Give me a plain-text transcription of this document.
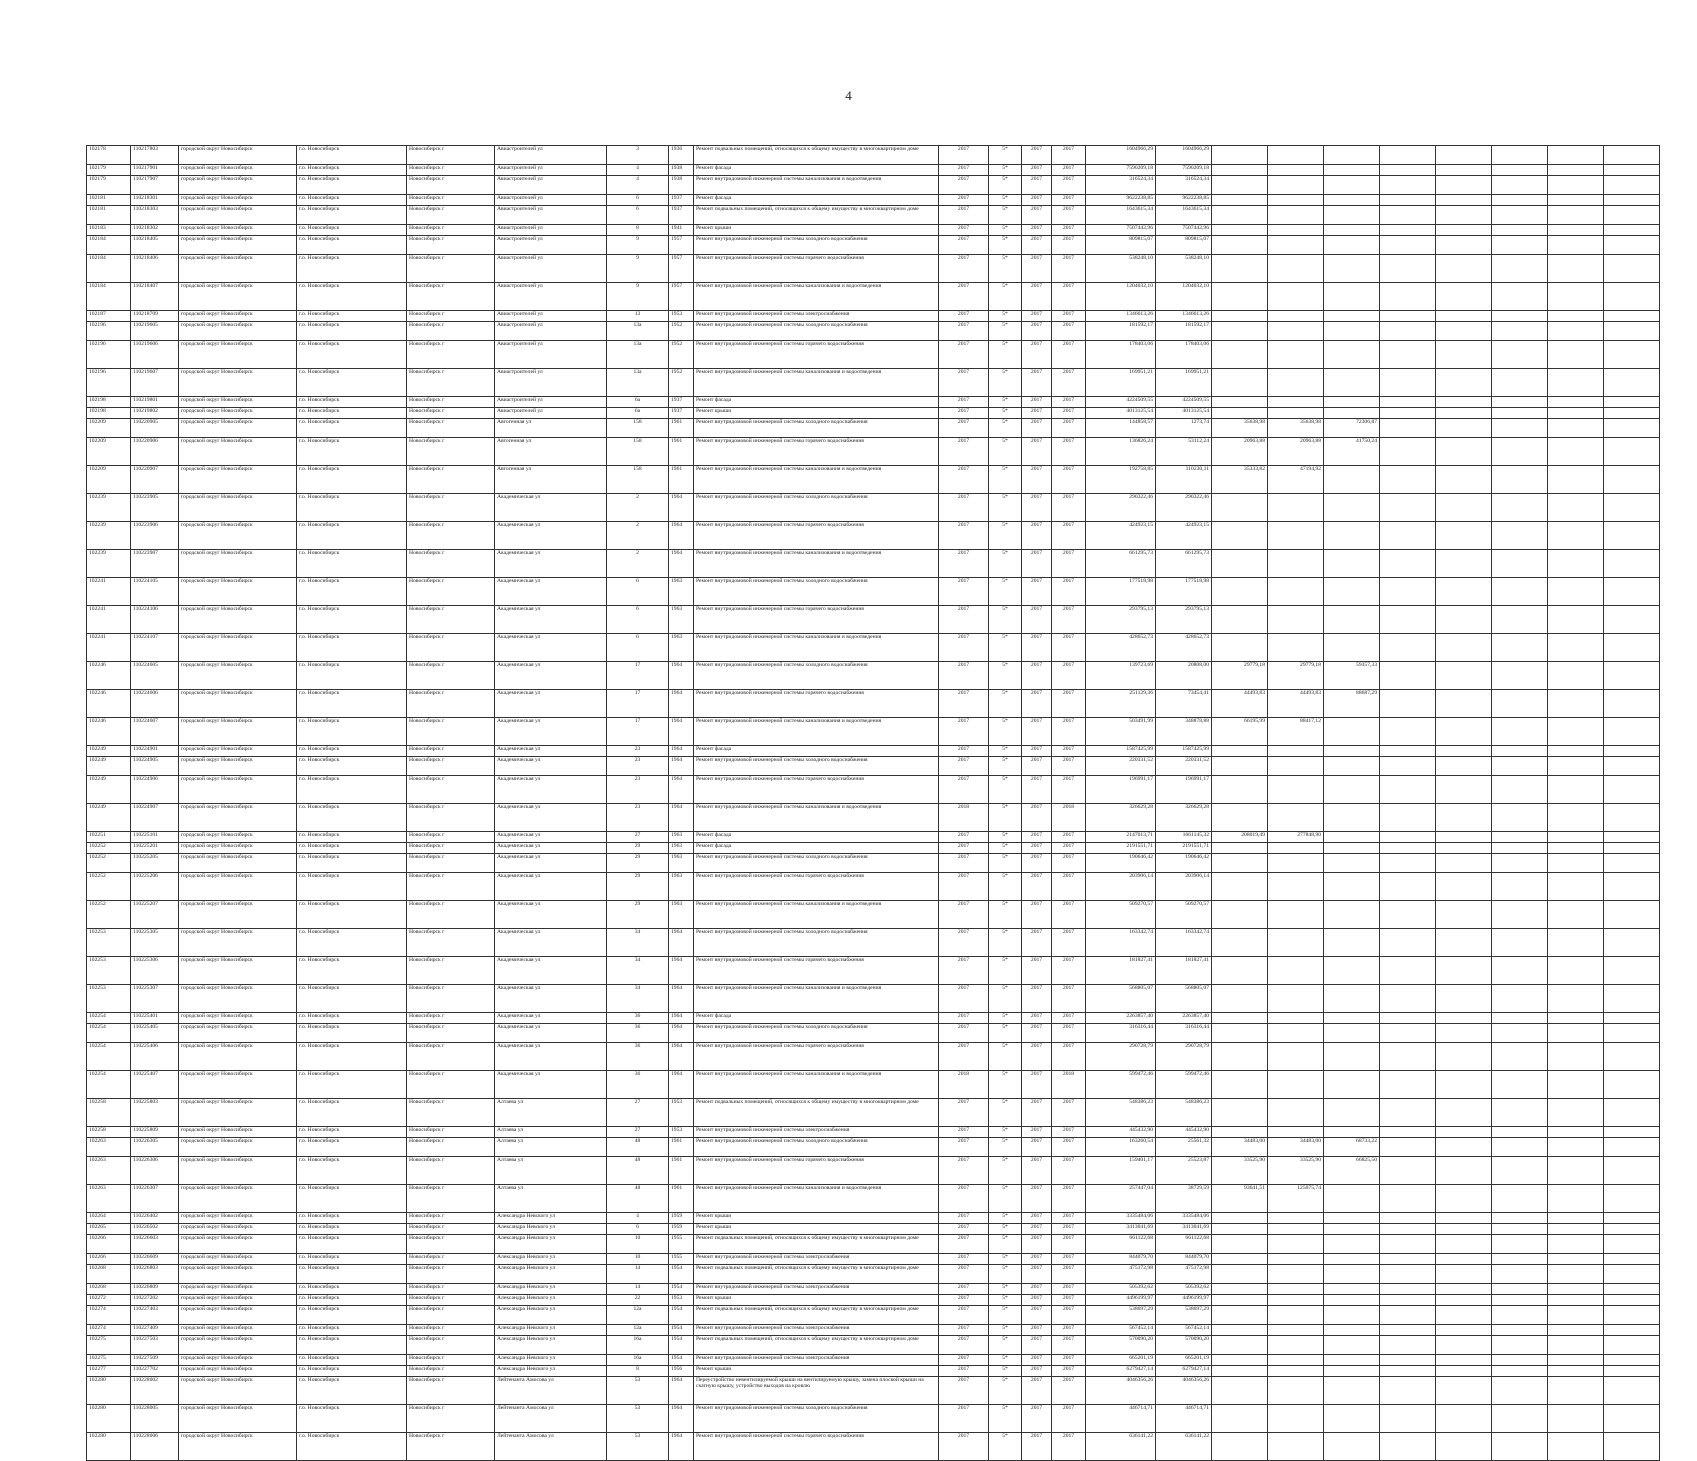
4
102178	110217803	городской округ Новосибирск	г.о. Новосибирск	Новосибирск г	Авиастроителей ул	3	1936	Ремонт подвальных помещений, относящихся к общему имуществу в многоквартирном доме	2017	5*	2017	2017	1604966,29	1604966,29								
102179	110217901	городской округ Новосибирск	г.о. Новосибирск	Новосибирск г	Авиастроителей ул	4	1938	Ремонт фасада	2017	5*	2017	2017	7590209,18	7590209,18								
102179	110217907	городской округ Новосибирск	г.о. Новосибирск	Новосибирск г	Авиастроителей ул	4	1938	Ремонт внутридомовой инженерной системы канализования и водоотведения	2017	5*	2017	2017	316524,34	316524,34								
102181	110218301	городской округ Новосибирск	г.о. Новосибирск	Новосибирск г	Авиастроителей ул	6	1937	Ремонт фасада	2017	5*	2017	2017	9622238,85	9622238,85								
102181	110218303	городской округ Новосибирск	г.о. Новосибирск	Новосибирск г	Авиастроителей ул	6	1937	Ремонт подвальных помещений, относящихся к общему имуществу в многоквартирном доме	2017	5*	2017	2017	1643615,34	1643615,34								
102183	110218302	городской округ Новосибирск	г.о. Новосибирск	Новосибирск г	Авиастроителей ул	8	1941	Ремонт крыши	2017	5*	2017	2017	7507442,96	7507442,96								
102184	110218405	городской округ Новосибирск	г.о. Новосибирск	Новосибирск г	Авиастроителей ул	9	1957	Ремонт внутридомовой инженерной системы холодного водоснабжения	2017	5*	2017	2017	809815,07	809815,07								
102184	110218406	городской округ Новосибирск	г.о. Новосибирск	Новосибирск г	Авиастроителей ул	9	1957	Ремонт внутридомовой инженерной системы горячего водоснабжения	2017	5*	2017	2017	538248,10	538248,10								
102184	110218407	городской округ Новосибирск	г.о. Новосибирск	Новосибирск г	Авиастроителей ул	9	1957	Ремонт внутридомовой инженерной системы канализования и водоотведения	2017	5*	2017	2017	1204032,10	1204032,10								
102187	110218709	городской округ Новосибирск	г.о. Новосибирск	Новосибирск г	Авиастроителей ул	13	1953	Ремонт внутридомовой инженерной системы электроснабжения	2017	5*	2017	2017	1346613,26	1346613,26								
102196	110219605	городской округ Новосибирск	г.о. Новосибирск	Новосибирск г	Авиастроителей ул	13а	1952	Ремонт внутридомовой инженерной системы холодного водоснабжения	2017	5*	2017	2017	181592,17	181592,17								
102196	110219606	городской округ Новосибирск	г.о. Новосибирск	Новосибирск г	Авиастроителей ул	13а	1952	Ремонт внутридомовой инженерной системы горячего водоснабжения	2017	5*	2017	2017	178403,06	178403,06								
102196	110219607	городской округ Новосибирск	г.о. Новосибирск	Новосибирск г	Авиастроителей ул	13а	1952	Ремонт внутридомовой инженерной системы канализования и водоотведения	2017	5*	2017	2017	169951,21	169951,21								
102198	110219801	городской округ Новосибирск	г.о. Новосибирск	Новосибирск г	Авиастроителей ул	6а	1937	Ремонт фасада	2017	5*	2017	2017	4224509,55	4224509,55								
102198	110219802	городской округ Новосибирск	г.о. Новосибирск	Новосибирск г	Авиастроителей ул	6а	1937	Ремонт крыши	2017	5*	2017	2017	4013125,54	4013125,54								
102209	110220905	городской округ Новосибирск	г.о. Новосибирск	Новосибирск г	Автогенная ул	158	1961	Ремонт внутридомовой инженерной системы холодного водоснабжения	2017	5*	2017	2017	144858,57	1273,74	35638,98	35638,98	72306,87					
102209	110220906	городской округ Новосибирск	г.о. Новосибирск	Новосибирск г	Автогенная ул	158	1961	Ремонт внутридомовой инженерной системы горячего водоснабжения	2017	5*	2017	2017	136826,24	53112,24	20963,88	20963,88	41750,24					
102209	110220907	городской округ Новосибирск	г.о. Новосибирск	Новосибирск г	Автогенная ул	158	1961	Ремонт внутридомовой инженерной системы канализования и водоотведения	2017	5*	2017	2017	192758,85	110230,11	35333,82	47194,92						
102239	110223905	городской округ Новосибирск	г.о. Новосибирск	Новосибирск г	Академическая ул	2	1964	Ремонт внутридомовой инженерной системы холодного водоснабжения	2017	5*	2017	2017	290322,46	290322,46								
102239	110223906	городской округ Новосибирск	г.о. Новосибирск	Новосибирск г	Академическая ул	2	1964	Ремонт внутридомовой инженерной системы горячего водоснабжения	2017	5*	2017	2017	424923,15	424923,15								
102239	110223907	городской округ Новосибирск	г.о. Новосибирск	Новосибирск г	Академическая ул	2	1964	Ремонт внутридомовой инженерной системы канализования и водоотведения	2017	5*	2017	2017	661295,73	661295,73								
102241	110224105	городской округ Новосибирск	г.о. Новосибирск	Новосибирск г	Академическая ул	6	1963	Ремонт внутридомовой инженерной системы холодного водоснабжения	2017	5*	2017	2017	177518,98	177518,98								
102241	110224106	городской округ Новосибирск	г.о. Новосибирск	Новосибирск г	Академическая ул	6	1963	Ремонт внутридомовой инженерной системы горячего водоснабжения	2017	5*	2017	2017	293795,13	293795,13								
102241	110224107	городской округ Новосибирск	г.о. Новосибирск	Новосибирск г	Академическая ул	6	1963	Ремонт внутридомовой инженерной системы канализования и водоотведения	2017	5*	2017	2017	428652,73	428652,73								
102246	110224605	городской округ Новосибирск	г.о. Новосибирск	Новосибирск г	Академическая ул	17	1964	Ремонт внутридомовой инженерной системы холодного водоснабжения	2017	5*	2017	2017	139723,69	20808,00	29779,18	29779,18	59357,33					
102246	110224606	городской округ Новосибирск	г.о. Новосибирск	Новосибирск г	Академическая ул	17	1964	Ремонт внутридомовой инженерной системы горячего водоснабжения	2017	5*	2017	2017	251129,36	73454,41	44493,83	44493,83	88687,29					
102246	110224607	городской округ Новосибирск	г.о. Новосибирск	Новосибирск г	Академическая ул	17	1964	Ремонт внутридомовой инженерной системы канализования и водоотведения	2017	5*	2017	2017	503491,99	348878,88	66195,99	88417,12						
102249	110224901	городской округ Новосибирск	г.о. Новосибирск	Новосибирск г	Академическая ул	23	1964	Ремонт фасада	2017	5*	2017	2017	1587425,99	1587425,99								
102249	110224905	городской округ Новосибирск	г.о. Новосибирск	Новосибирск г	Академическая ул	23	1964	Ремонт внутридомовой инженерной системы холодного водоснабжения	2017	5*	2017	2017	220331,52	220331,52								
102249	110224906	городской округ Новосибирск	г.о. Новосибирск	Новосибирск г	Академическая ул	23	1964	Ремонт внутридомовой инженерной системы горячего водоснабжения	2017	5*	2017	2017	196991,17	196991,17								
102249	110224907	городской округ Новосибирск	г.о. Новосибирск	Новосибирск г	Академическая ул	23	1964	Ремонт внутридомовой инженерной системы канализования и водоотведения	2018	5*	2017	2018	326629,28	326629,28								
102251	110225101	городской округ Новосибирск	г.о. Новосибирск	Новосибирск г	Академическая ул	27	1963	Ремонт фасада	2017	5*	2017	2017	2147013,71	1661145,32	208019,49	277848,90						
102252	110225201	городской округ Новосибирск	г.о. Новосибирск	Новосибирск г	Академическая ул	29	1963	Ремонт фасада	2017	5*	2017	2017	2191551,71	2191551,71								
102252	110225205	городской округ Новосибирск	г.о. Новосибирск	Новосибирск г	Академическая ул	29	1963	Ремонт внутридомовой инженерной системы холодного водоснабжения	2017	5*	2017	2017	190646,42	190646,42								
102252	110225206	городской округ Новосибирск	г.о. Новосибирск	Новосибирск г	Академическая ул	29	1963	Ремонт внутридомовой инженерной системы горячего водоснабжения	2017	5*	2017	2017	203906,14	203906,14								
102252	110225207	городской округ Новосибирск	г.о. Новосибирск	Новосибирск г	Академическая ул	29	1963	Ремонт внутридомовой инженерной системы канализования и водоотведения	2017	5*	2017	2017	509270,57	509270,57								
102253	110225305	городской округ Новосибирск	г.о. Новосибирск	Новосибирск г	Академическая ул	34	1964	Ремонт внутридомовой инженерной системы холодного водоснабжения	2017	5*	2017	2017	163342,74	163342,74								
102253	110225306	городской округ Новосибирск	г.о. Новосибирск	Новосибирск г	Академическая ул	34	1964	Ремонт внутридомовой инженерной системы горячего водоснабжения	2017	5*	2017	2017	181827,41	181827,41								
102253	110225307	городской округ Новосибирск	г.о. Новосибирск	Новосибирск г	Академическая ул	34	1964	Ремонт внутридомовой инженерной системы канализования и водоотведения	2017	5*	2017	2017	568805,07	568805,07								
102254	110225401	городской округ Новосибирск	г.о. Новосибирск	Новосибирск г	Академическая ул	36	1964	Ремонт фасада	2017	5*	2017	2017	2263857,40	2263857,40								
102254	110225405	городской округ Новосибирск	г.о. Новосибирск	Новосибирск г	Академическая ул	36	1964	Ремонт внутридомовой инженерной системы холодного водоснабжения	2017	5*	2017	2017	316316,44	316316,44								
102254	110225406	городской округ Новосибирск	г.о. Новосибирск	Новосибирск г	Академическая ул	36	1964	Ремонт внутридомовой инженерной системы горячего водоснабжения	2017	5*	2017	2017	290728,79	290728,79								
102254	110225407	городской округ Новосибирск	г.о. Новосибирск	Новосибирск г	Академическая ул	36	1964	Ремонт внутридомовой инженерной системы канализования и водоотведения	2018	5*	2017	2018	599472,46	599472,46								
102258	110225803	городской округ Новосибирск	г.о. Новосибирск	Новосибирск г	Алтаева ул	27	1953	Ремонт подвальных помещений, относящихся к общему имуществу в многоквартирном доме	2017	5*	2017	2017	548386,23	548386,23								
102258	110225809	городской округ Новосибирск	г.о. Новосибирск	Новосибирск г	Алтаева ул	27	1953	Ремонт внутридомовой инженерной системы электроснабжения	2017	5*	2017	2017	445432,90	445432,90								
102263	110226305	городской округ Новосибирск	г.о. Новосибирск	Новосибирск г	Алтаева ул	48	1961	Ремонт внутридомовой инженерной системы холодного водоснабжения	2017	5*	2017	2017	163260,54	25561,32	34483,00	34483,00	68733,22					
102263	110226306	городской округ Новосибирск	г.о. Новосибирск	Новосибирск г	Алтаева ул	48	1961	Ремонт внутридомовой инженерной системы горячего водоснабжения	2017	5*	2017	2017	159401,17	25523,87	33525,90	33525,90	66825,50					
102263	110226307	городской округ Новосибирск	г.о. Новосибирск	Новосибирск г	Алтаева ул	48	1961	Ремонт внутридомовой инженерной системы канализования и водоотведения	2017	5*	2017	2017	257447,04	38729,59	93641,51	125075,74						
102264	110226402	городской округ Новосибирск	г.о. Новосибирск	Новосибирск г	Александра Невского ул	4	1959	Ремонт крыши	2017	5*	2017	2017	3335484,06	3335484,06								
102265	110226502	городской округ Новосибирск	г.о. Новосибирск	Новосибирск г	Александра Невского ул	6	1959	Ремонт крыши	2017	5*	2017	2017	3413041,69	3413041,69								
102266	110226603	городской округ Новосибирск	г.о. Новосибирск	Новосибирск г	Александра Невского ул	10	1955	Ремонт подвальных помещений, относящихся к общему имуществу в многоквартирном доме	2017	5*	2017	2017	661122,68	661122,68								
102266	110226609	городской округ Новосибирск	г.о. Новосибирск	Новосибирск г	Александра Невского ул	10	1955	Ремонт внутридомовой инженерной системы электроснабжения	2017	5*	2017	2017	844079,70	844079,70								
102268	110226803	городской округ Новосибирск	г.о. Новосибирск	Новосибирск г	Александра Невского ул	14	1954	Ремонт подвальных помещений, относящихся к общему имуществу в многоквартирном доме	2017	5*	2017	2017	475172,98	475172,98								
102268	110226809	городской округ Новосибирск	г.о. Новосибирск	Новосибирск г	Александра Невского ул	14	1954	Ремонт внутридомовой инженерной системы электроснабжения	2017	5*	2017	2017	505392,62	505392,62								
102272	110227202	городской округ Новосибирск	г.о. Новосибирск	Новосибирск г	Александра Невского ул	22	1953	Ремонт крыши	2017	5*	2017	2017	4496199,97	4496199,97								
102274	110227403	городской округ Новосибирск	г.о. Новосибирск	Новосибирск г	Александра Невского ул	12а	1954	Ремонт подвальных помещений, относящихся к общему имуществу в многоквартирном доме	2017	5*	2017	2017	538697,29	538697,29								
102274	110227409	городской округ Новосибирск	г.о. Новосибирск	Новосибирск г	Александра Невского ул	12а	1954	Ремонт внутридомовой инженерной системы электроснабжения	2017	5*	2017	2017	567452,14	567452,14								
102275	110227503	городской округ Новосибирск	г.о. Новосибирск	Новосибирск г	Александра Невского ул	16а	1954	Ремонт подвальных помещений, относящихся к общему имуществу в многоквартирном доме	2017	5*	2017	2017	570090,20	570090,20								
102275	110227509	городской округ Новосибирск	г.о. Новосибирск	Новосибирск г	Александра Невского ул	16а	1954	Ремонт внутридомовой инженерной системы электроснабжения	2017	5*	2017	2017	665201,19	665201,19								
102277	110227702	городской округ Новосибирск	г.о. Новосибирск	Новосибирск г	Александра Невского ул	8	1956	Ремонт крыши	2017	5*	2017	2017	6279427,14	6279427,14								
102280	110228002	городской округ Новосибирск	г.о. Новосибирск	Новосибирск г	Лейтенанта Амосова ул	53	1964	Переустройство невентилируемой крыши на вентилируемую крышу, замена плоской крыши на скатную крышу, устройство выходов на кровлю	2017	5*	2017	2017	4046356,26	4046356,26								
102280	110228005	городской округ Новосибирск	г.о. Новосибирск	Новосибирск г	Лейтенанта Амосова ул	53	1964	Ремонт внутридомовой инженерной системы холодного водоснабжения	2017	5*	2017	2017	446714,71	446714,71								
102280	110228006	городской округ Новосибирск	г.о. Новосибирск	Новосибирск г	Лейтенанта Амосова ул	53	1964	Ремонт внутридомовой инженерной системы горячего водоснабжения	2017	5*	2017	2017	636141,22	636141,22								
